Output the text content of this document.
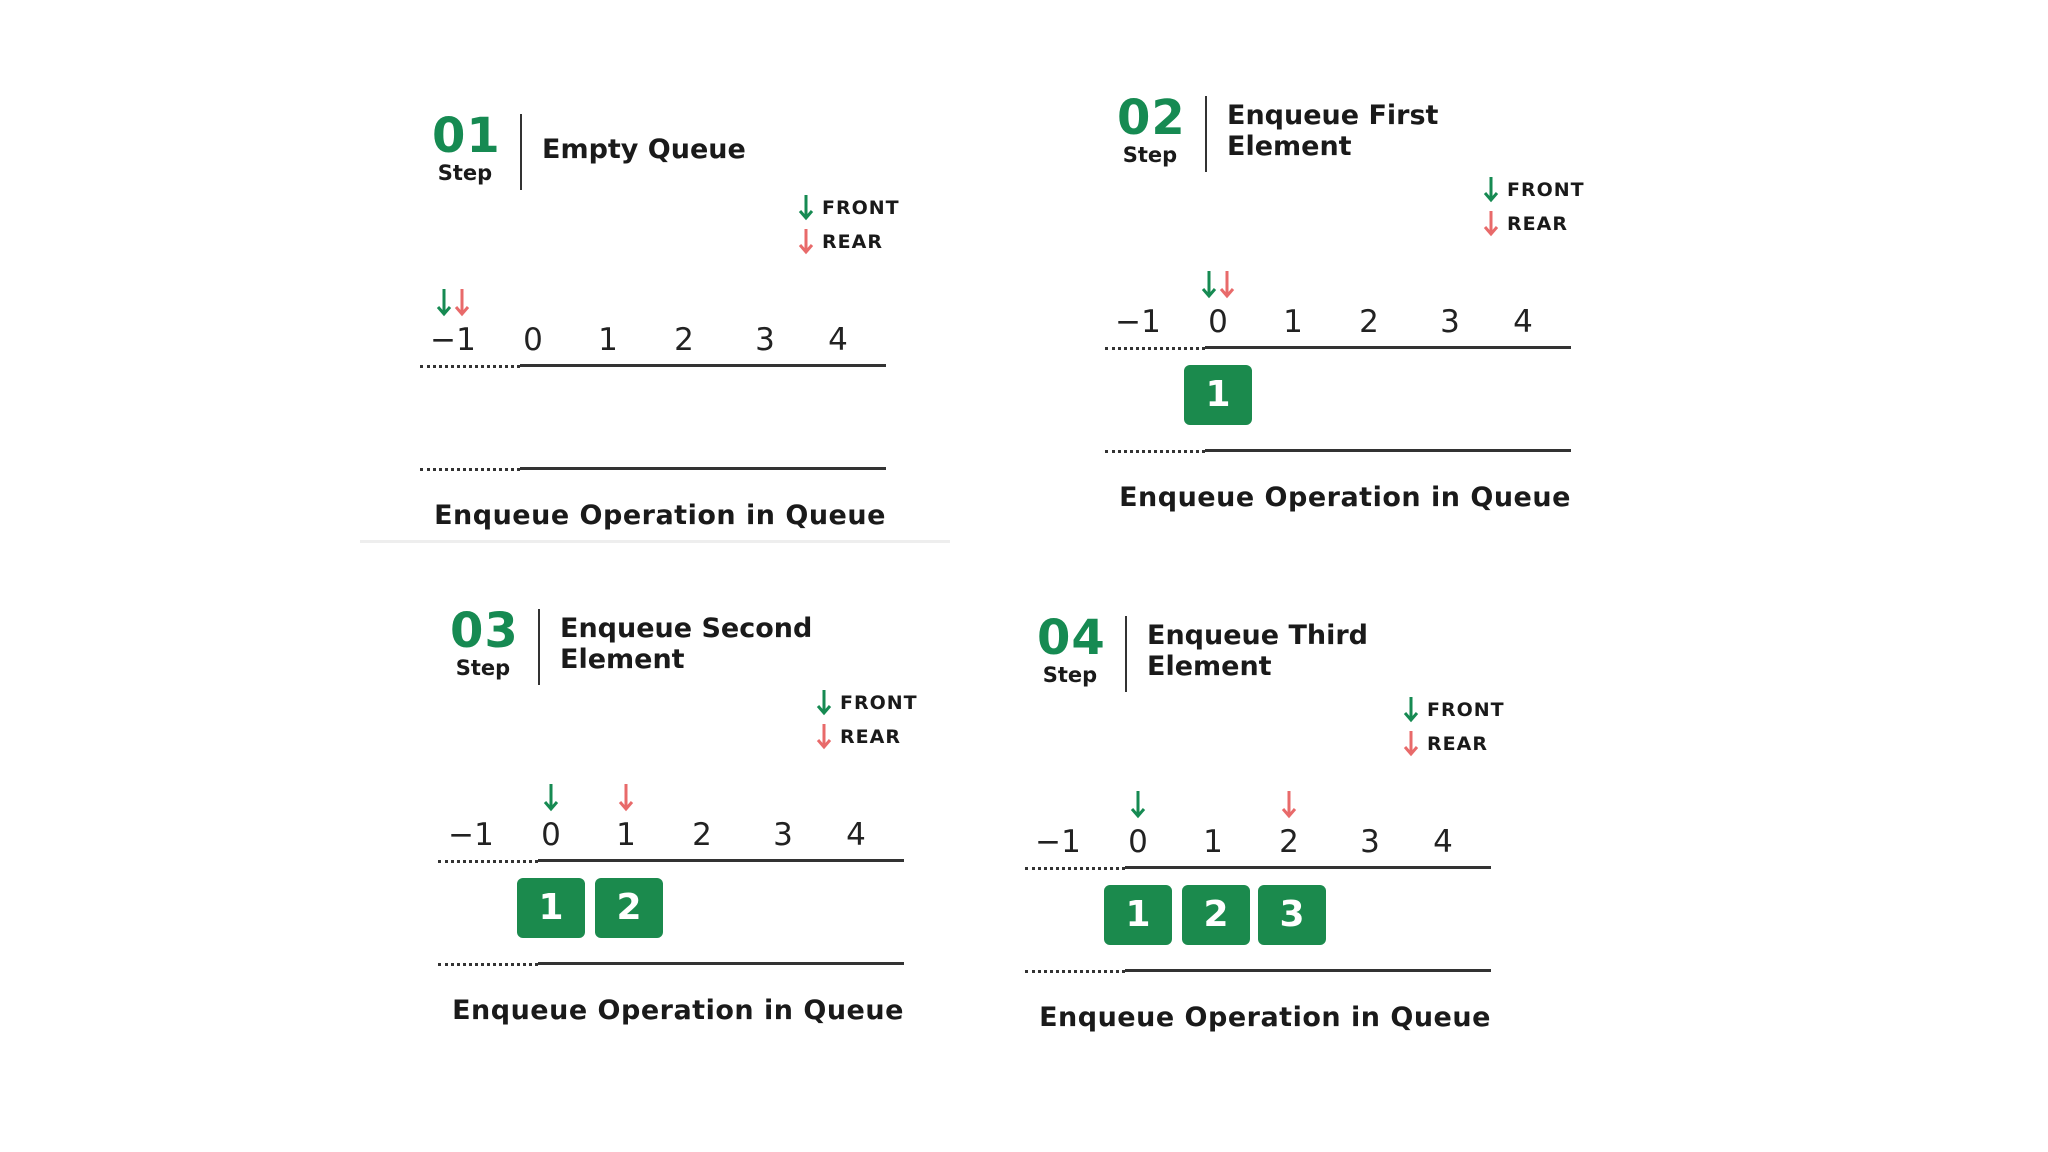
01
Step
Empty Queue
FRONT
REAR
−1	0	1	2	3	4
Enqueue Operation in Queue
02
Step
Enqueue First
Element
FRONT
REAR
−1	0	1	2	3	4
1
Enqueue Operation in Queue
03
Step
Enqueue Second
Element
FRONT
REAR
−1	0	1	2	3	4
1	2
Enqueue Operation in Queue
04
Step
Enqueue Third
Element
FRONT
REAR
−1	0	1	2	3	4
1	2	3
Enqueue Operation in Queue
